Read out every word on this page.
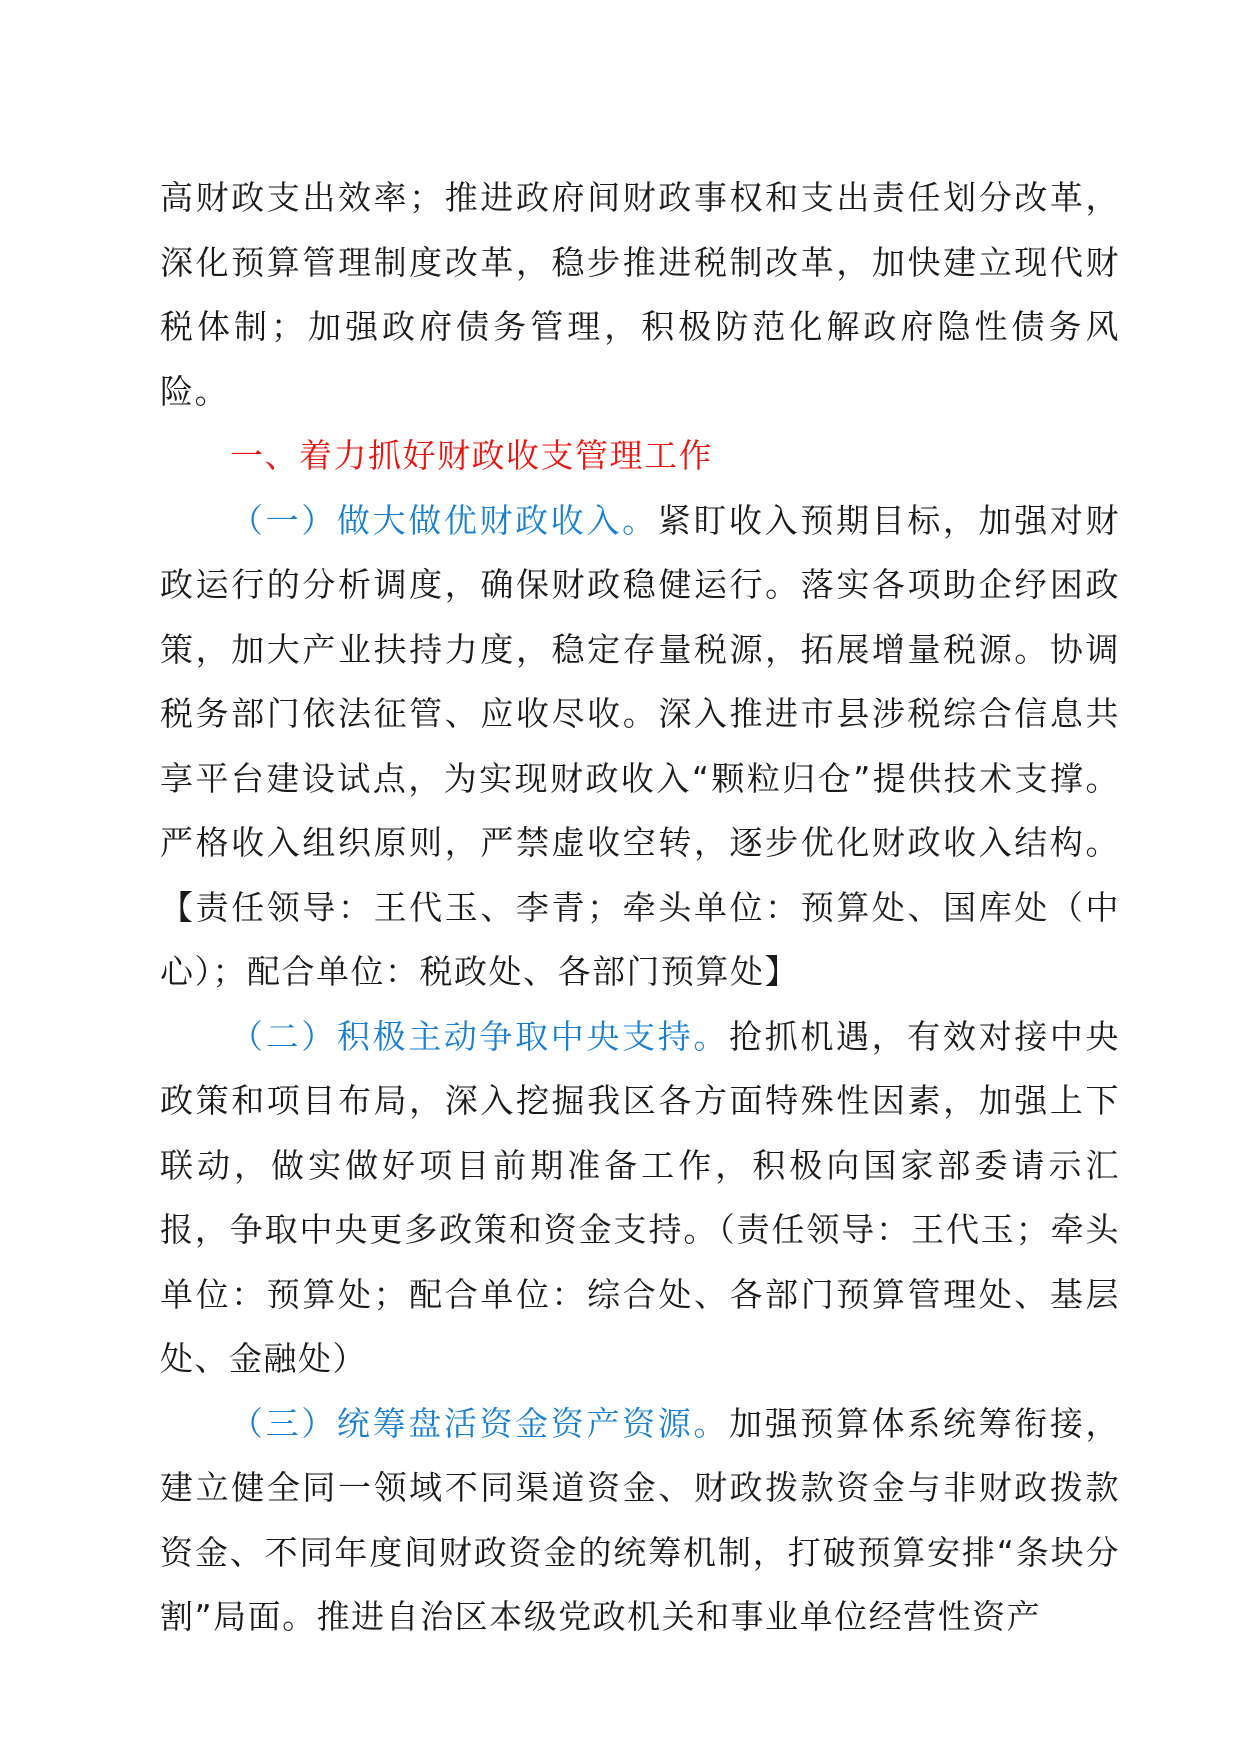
高财政支出效率；推进政府间财政事权和支出责任划分改革，深化预算管理制度改革，稳步推进税制改革，加快建立现代财税体制；加强政府债务管理，积极防范化解政府隐性债务风险。

一、着力抓好财政收支管理工作

（一）做大做优财政收入。紧盯收入预期目标，加强对财政运行的分析调度，确保财政稳健运行。落实各项助企纾困政策，加大产业扶持力度，稳定存量税源，拓展增量税源。协调税务部门依法征管、应收尽收。深入推进市县涉税综合信息共享平台建设试点，为实现财政收入“颗粒归仓”提供技术支撑。严格收入组织原则，严禁虚收空转，逐步优化财政收入结构。【责任领导：王代玉、李青；牵头单位：预算处、国库处（中心）；配合单位：税政处、各部门预算处】

（二）积极主动争取中央支持。抢抓机遇，有效对接中央政策和项目布局，深入挖掘我区各方面特殊性因素，加强上下联动，做实做好项目前期准备工作，积极向国家部委请示汇报，争取中央更多政策和资金支持。（责任领导：王代玉；牵头单位：预算处；配合单位：综合处、各部门预算管理处、基层处、金融处）

（三）统筹盘活资金资产资源。加强预算体系统筹衔接，建立健全同一领域不同渠道资金、财政拨款资金与非财政拨款资金、不同年度间财政资金的统筹机制，打破预算安排“条块分割”局面。推进自治区本级党政机关和事业单位经营性资产
